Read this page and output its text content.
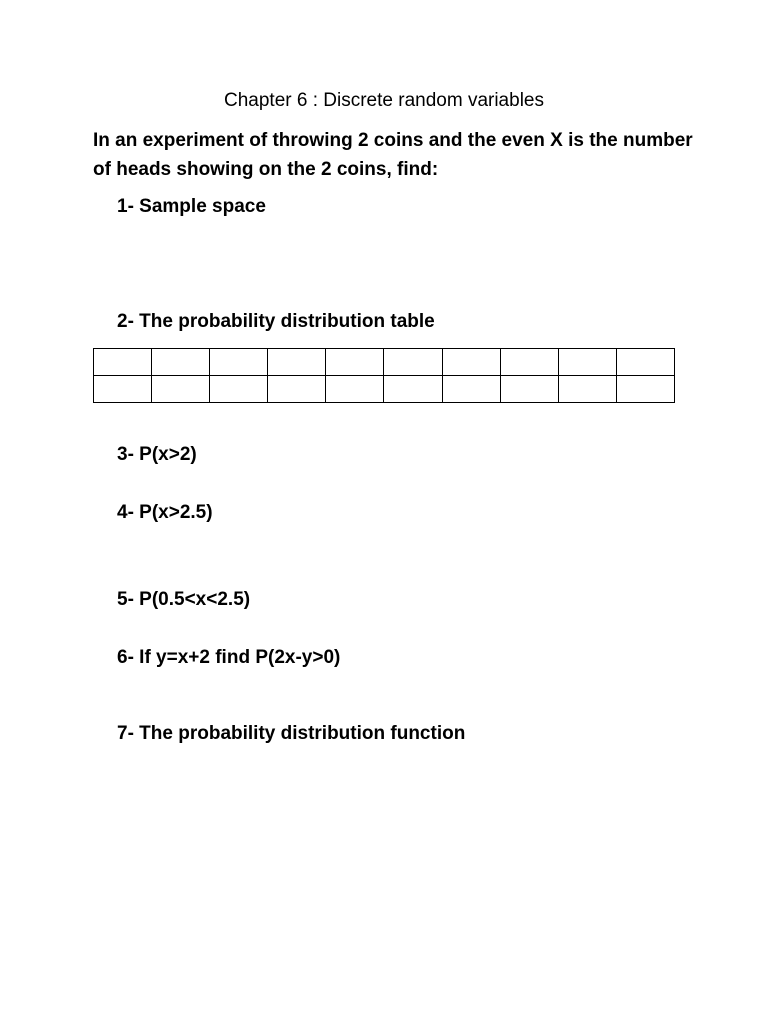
Chapter 6 : Discrete random variables

In an experiment of throwing 2 coins and the even X is the number of heads showing on the 2 coins, find:

1- Sample space

2- The probability distribution table

3- P(x>2)

4- P(x>2.5)

5- P(0.5<x<2.5)

6- If y=x+2 find P(2x-y>0)

7- The probability distribution function
